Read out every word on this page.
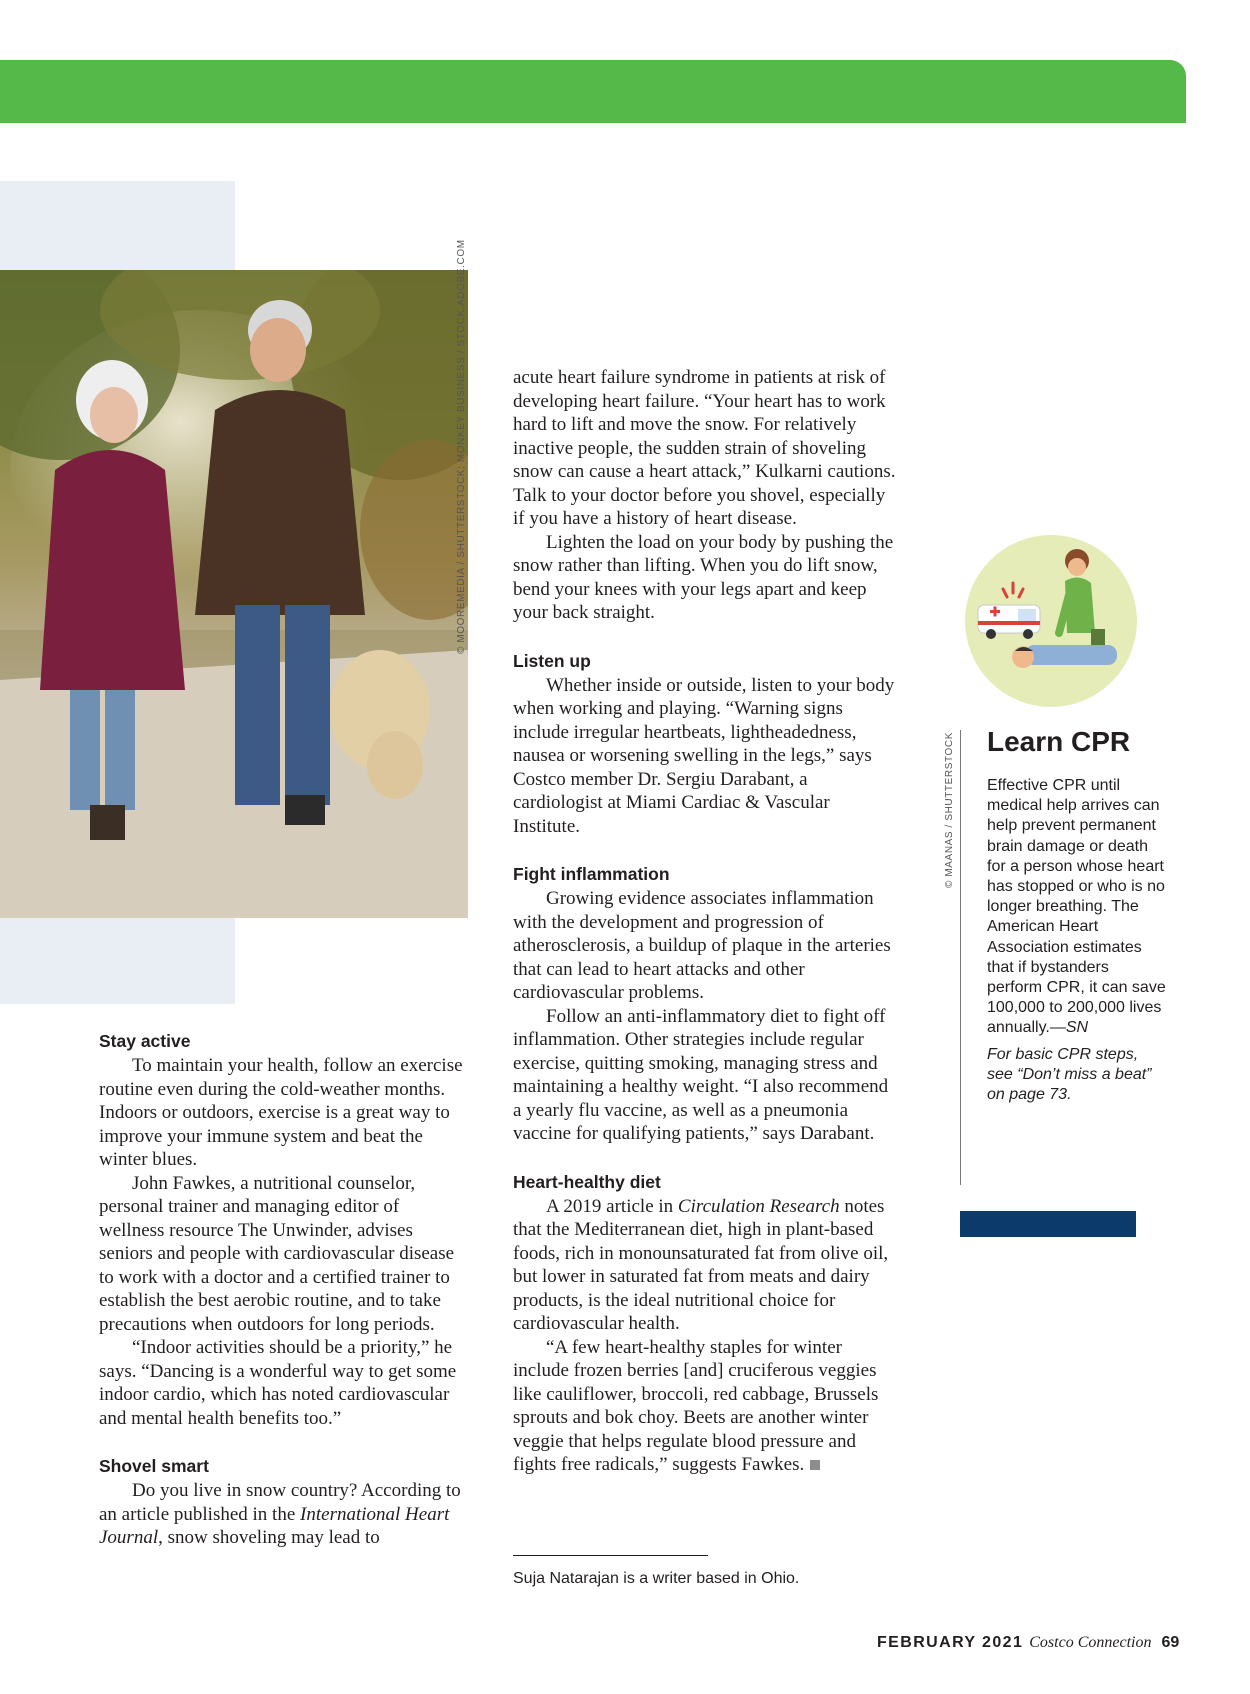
© MOOREMEDIA / SHUTTERSTOCK; MONKEY BUSINESS / STOCK.ADOBE.COM
Stay active

To maintain your health, follow an exercise routine even during the cold-weather months. Indoors or outdoors, exercise is a great way to improve your immune system and beat the winter blues.

John Fawkes, a nutritional counselor, personal trainer and managing editor of wellness resource The Unwinder, advises seniors and people with cardiovascular disease to work with a doctor and a certified trainer to establish the best aerobic routine, and to take precautions when outdoors for long periods.

“Indoor activities should be a priority,” he says. “Dancing is a wonderful way to get some indoor cardio, which has noted cardiovascular and mental health benefits too.”

Shovel smart

Do you live in snow country? According to an article published in the International Heart Journal, snow shoveling may lead to

acute heart failure syndrome in patients at risk of developing heart failure. “Your heart has to work hard to lift and move the snow. For relatively inactive people, the sudden strain of shoveling snow can cause a heart attack,” Kulkarni cautions. Talk to your doctor before you shovel, especially if you have a history of heart disease.

Lighten the load on your body by pushing the snow rather than lifting. When you do lift snow, bend your knees with your legs apart and keep your back straight.

Listen up

Whether inside or outside, listen to your body when working and playing. “Warning signs include irregular heartbeats, lightheadedness, nausea or worsening swelling in the legs,” says Costco member Dr. Sergiu Darabant, a cardiologist at Miami Cardiac & Vascular Institute.

Fight inflammation

Growing evidence associates inflammation with the development and progression of atherosclerosis, a buildup of plaque in the arteries that can lead to heart attacks and other cardiovascular problems.

Follow an anti-inflammatory diet to fight off inflammation. Other strategies include regular exercise, quitting smoking, managing stress and maintaining a healthy weight. “I also recommend a yearly flu vaccine, as well as a pneumonia vaccine for qualifying patients,” says Darabant.

Heart-healthy diet

A 2019 article in Circulation Research notes that the Mediterranean diet, high in plant-based foods, rich in monounsaturated fat from olive oil, but lower in saturated fat from meats and dairy products, is the ideal nutritional choice for cardiovascular health.

“A few heart-healthy staples for winter include frozen berries [and] cruciferous veggies like cauliflower, broccoli, red cabbage, Brussels sprouts and bok choy. Beets are another winter veggie that helps regulate blood pressure and fights free radicals,” suggests Fawkes.

Suja Natarajan is a writer based in Ohio.
© MAANAS / SHUTTERSTOCK Learn CPR

Effective CPR until medical help arrives can help prevent permanent brain damage or death for a person whose heart has stopped or who is no longer breathing. The American Heart Association estimates that if bystanders perform CPR, it can save 100,000 to 200,000 lives annually.—SN

For basic CPR steps, see “Don’t miss a beat” on page 73.

FEBRUARY 2021 Costco Connection 69
